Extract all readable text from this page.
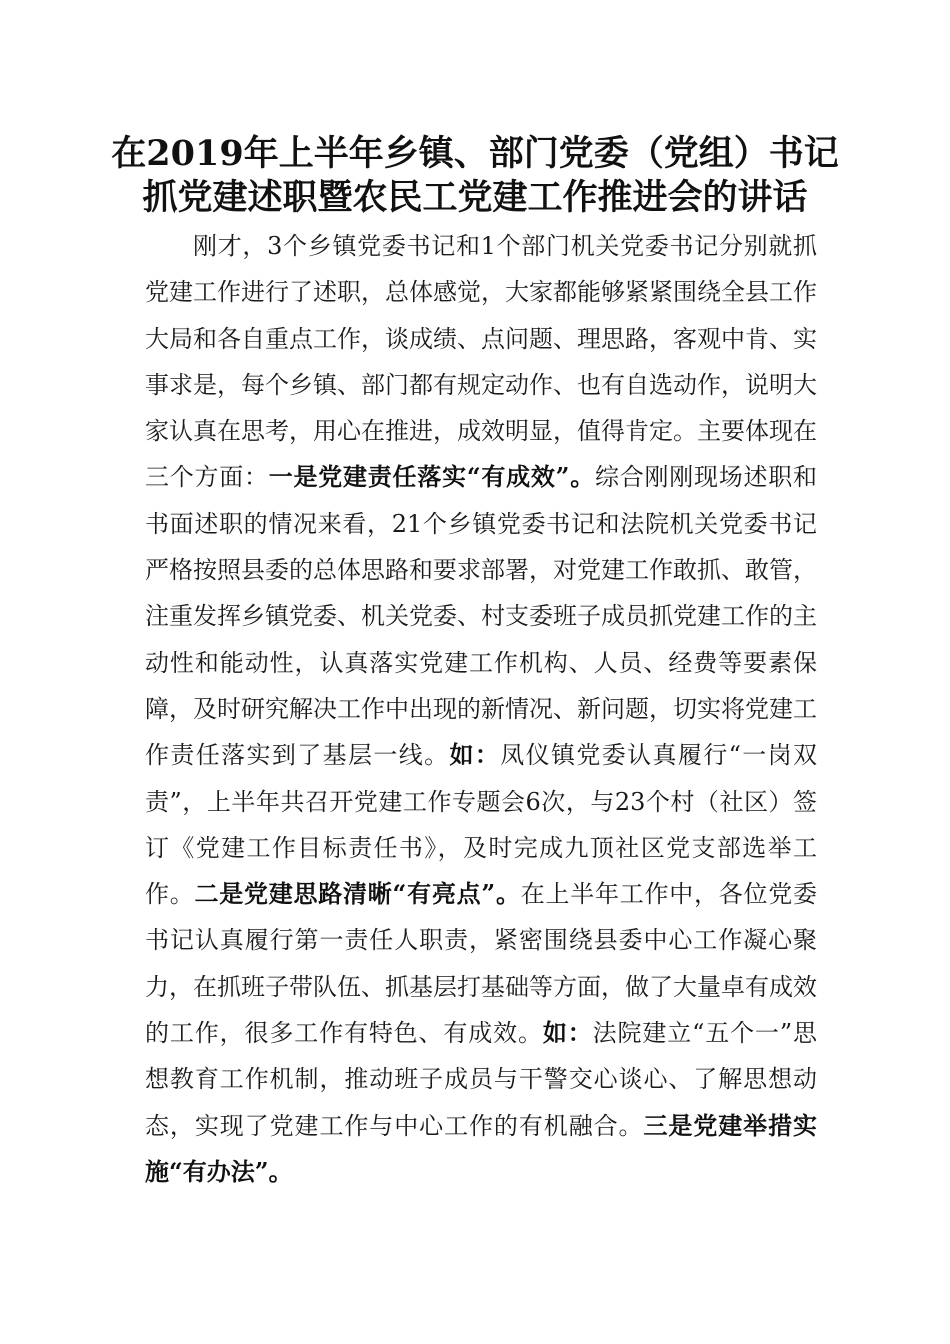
在2019年上半年乡镇、部门党委（党组）书记
抓党建述职暨农民工党建工作推进会的讲话

刚才，3个乡镇党委书记和1个部门机关党委书记分别就抓党建工作进行了述职，总体感觉，大家都能够紧紧围绕全县工作大局和各自重点工作，谈成绩、点问题、理思路，客观中肯、实事求是，每个乡镇、部门都有规定动作、也有自选动作，说明大家认真在思考，用心在推进，成效明显，值得肯定。主要体现在三个方面：一是党建责任落实“有成效”。综合刚刚现场述职和书面述职的情况来看，21个乡镇党委书记和法院机关党委书记严格按照县委的总体思路和要求部署，对党建工作敢抓、敢管，注重发挥乡镇党委、机关党委、村支委班子成员抓党建工作的主动性和能动性，认真落实党建工作机构、人员、经费等要素保障，及时研究解决工作中出现的新情况、新问题，切实将党建工作责任落实到了基层一线。如：凤仪镇党委认真履行“一岗双责”，上半年共召开党建工作专题会6次，与23个村（社区）签订《党建工作目标责任书》，及时完成九顶社区党支部选举工作。二是党建思路清晰“有亮点”。在上半年工作中，各位党委书记认真履行第一责任人职责，紧密围绕县委中心工作凝心聚力，在抓班子带队伍、抓基层打基础等方面，做了大量卓有成效的工作，很多工作有特色、有成效。如：法院建立“五个一”思想教育工作机制，推动班子成员与干警交心谈心、了解思想动态，实现了党建工作与中心工作的有机融合。三是党建举措实施“有办法”。
